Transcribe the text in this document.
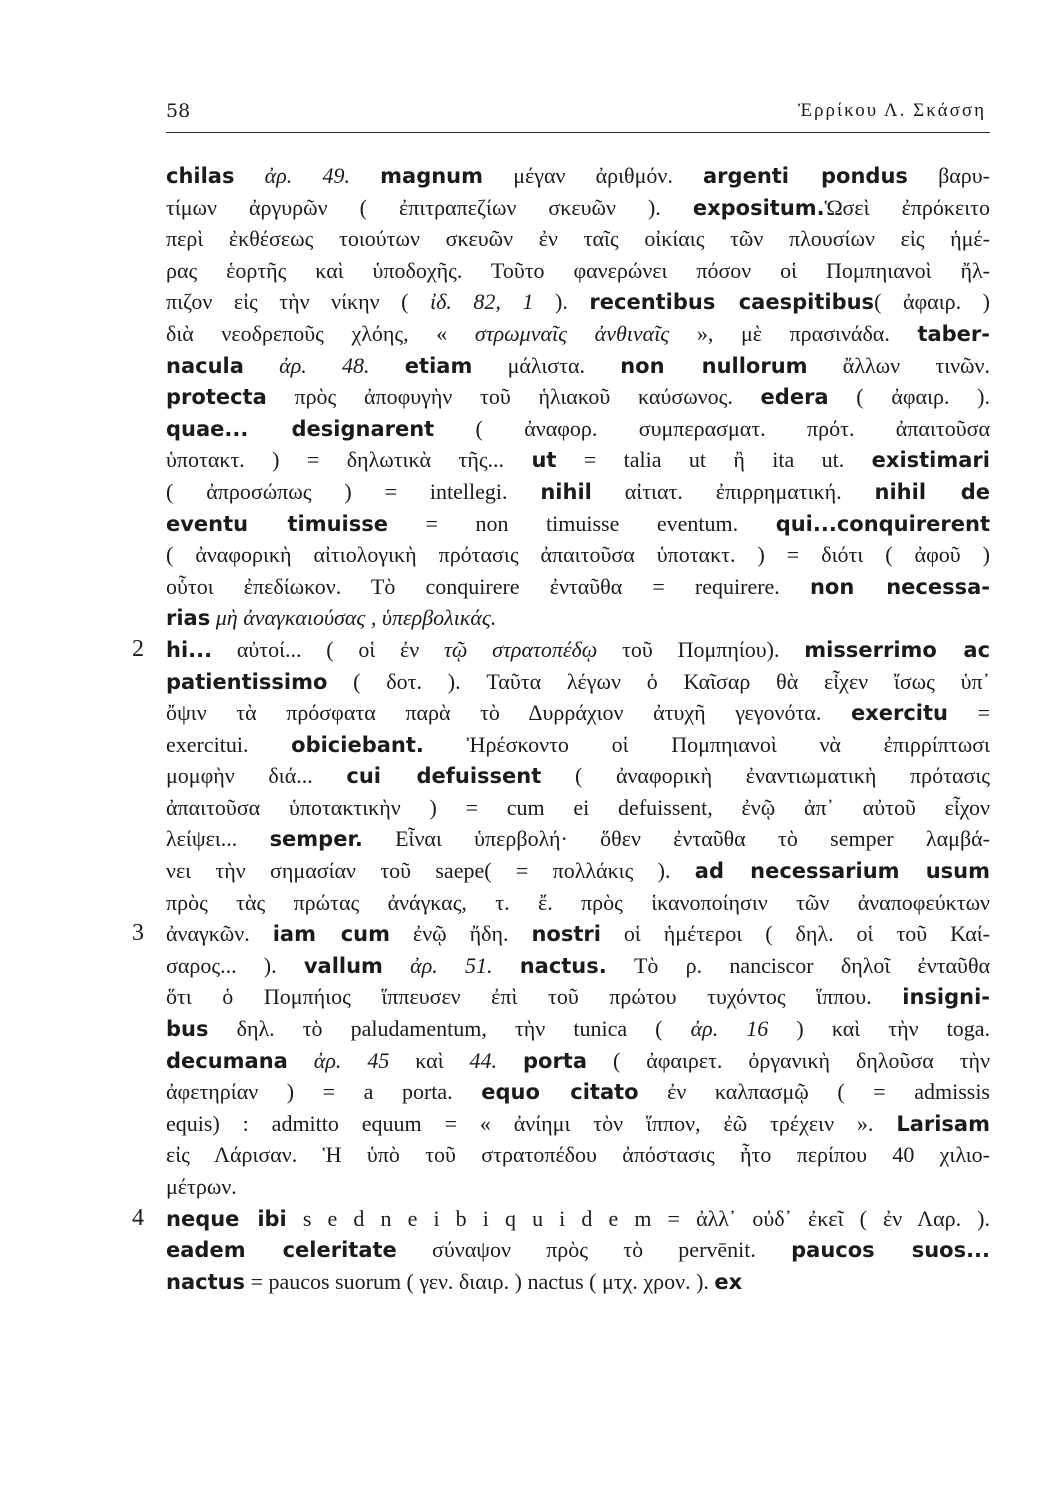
58	Ἐρρίκου Λ. Σκάσση
chilas ἀρ. 49. magnum μέγαν ἀριθμόν. argenti pondus βαρυ-
τίμων ἀργυρῶν ( ἐπιτραπεζίων σκευῶν ). expositum.Ὡσεὶ ἐπρόκειτο
περὶ ἐκθέσεως τοιούτων σκευῶν ἐν ταῖς οἰκίαις τῶν πλουσίων εἰς ἡμέ-
ρας ἑορτῆς καὶ ὑποδοχῆς. Τοῦτο φανερώνει πόσον οἱ Πομπηιανοὶ ἤλ-
πιζον εἰς τὴν νίκην ( ἰδ. 82, 1 ). recentibus caespitibus( ἀφαιρ. )
διὰ νεοδρεποῦς χλόης, « στρωμναῖς ἀνθιναῖς », μὲ πρασινάδα. taber-
nacula ἀρ. 48. etiam μάλιστα. non nullorum ἄλλων τινῶν.
protecta πρὸς ἀποφυγὴν τοῦ ἡλιακοῦ καύσωνος. edera ( ἀφαιρ. ).
quae... designarent ( ἀναφορ. συμπερασματ. πρότ. ἀπαιτοῦσα
ὑποτακτ. ) = δηλωτικὰ τῆς... ut = talia ut ἢ ita ut. existimari
( ἀπροσώπως ) = intellegi. nihil αἰτιατ. ἐπιρρηματική. nihil de
eventu timuisse = non timuisse eventum. qui...conquirerent
( ἀναφορικὴ αἰτιολογικὴ πρότασις ἀπαιτοῦσα ὑποτακτ. ) = διότι ( ἀφοῦ )
οὗτοι ἐπεδίωκον. Τὸ conquirere ἐνταῦθα = requirere. non necessa-
rias μὴ ἀναγκαιούσας , ὑπερβολικάς.
2 hi... αὐτοί... ( οἱ ἐν τῷ στρατοπέδῳ τοῦ Πομπηίου). misserrimo ac
patientissimo ( δοτ. ). Ταῦτα λέγων ὁ Καῖσαρ θὰ εἶχεν ἴσως ὑπ᾿
ὄψιν τὰ πρόσφατα παρὰ τὸ Δυρράχιον ἀτυχῆ γεγονότα. exercitu =
exercitui. obiciebant. Ἠρέσκοντο οἱ Πομπηιανοὶ νὰ ἐπιρρίπτωσι
μομφὴν διά... cui defuissent ( ἀναφορικὴ ἐναντιωματικὴ πρότασις
ἀπαιτοῦσα ὑποτακτικὴν ) = cum ei defuissent, ἐνῷ ἀπ᾿ αὐτοῦ εἶχον
λείψει... semper. Εἶναι ὑπερβολή· ὅθεν ἐνταῦθα τὸ semper λαμβά-
νει τὴν σημασίαν τοῦ saepe( = πολλάκις ). ad necessarium usum
πρὸς τὰς πρώτας ἀνάγκας, τ. ἔ. πρὸς ἱκανοποίησιν τῶν ἀναποφεύκτων
3 ἀναγκῶν. iam cum ἐνῷ ἤδη. nostri οἱ ἡμέτεροι ( δηλ. οἱ τοῦ Καί-
σαρος... ). vallum ἀρ. 51. nactus. Τὸ ρ. nanciscor δηλοῖ ἐνταῦθα
ὅτι ὁ Πομπήιος ἵππευσεν ἐπὶ τοῦ πρώτου τυχόντος ἵππου. insigni-
bus δηλ. τὸ paludamentum, τὴν tunica ( ἀρ. 16 ) καὶ τὴν toga.
decumana ἀρ. 45 καὶ 44. porta ( ἀφαιρετ. ὀργανικὴ δηλοῦσα τὴν
ἀφετηρίαν ) = a porta. equo citato ἐν καλπασμῷ ( = admissis
equis) : admitto equum = « ἀνίημι τὸν ἵππον, ἐῶ τρέχειν ». Larisam
εἰς Λάρισαν. Ἡ ὑπὸ τοῦ στρατοπέδου ἀπόστασις ἦτο περίπου 40 χιλιο-
μέτρων.
4 neque ibi s e d n e i b i q u i d e m = ἀλλ᾿ οὐδ᾿ ἐκεῖ ( ἐν Λαρ. ).
eadem celeritate σύναψον πρὸς τὸ pervēnit. paucos suos...
nactus = paucos suorum ( γεν. διαιρ. ) nactus ( μτχ. χρον. ). ex
